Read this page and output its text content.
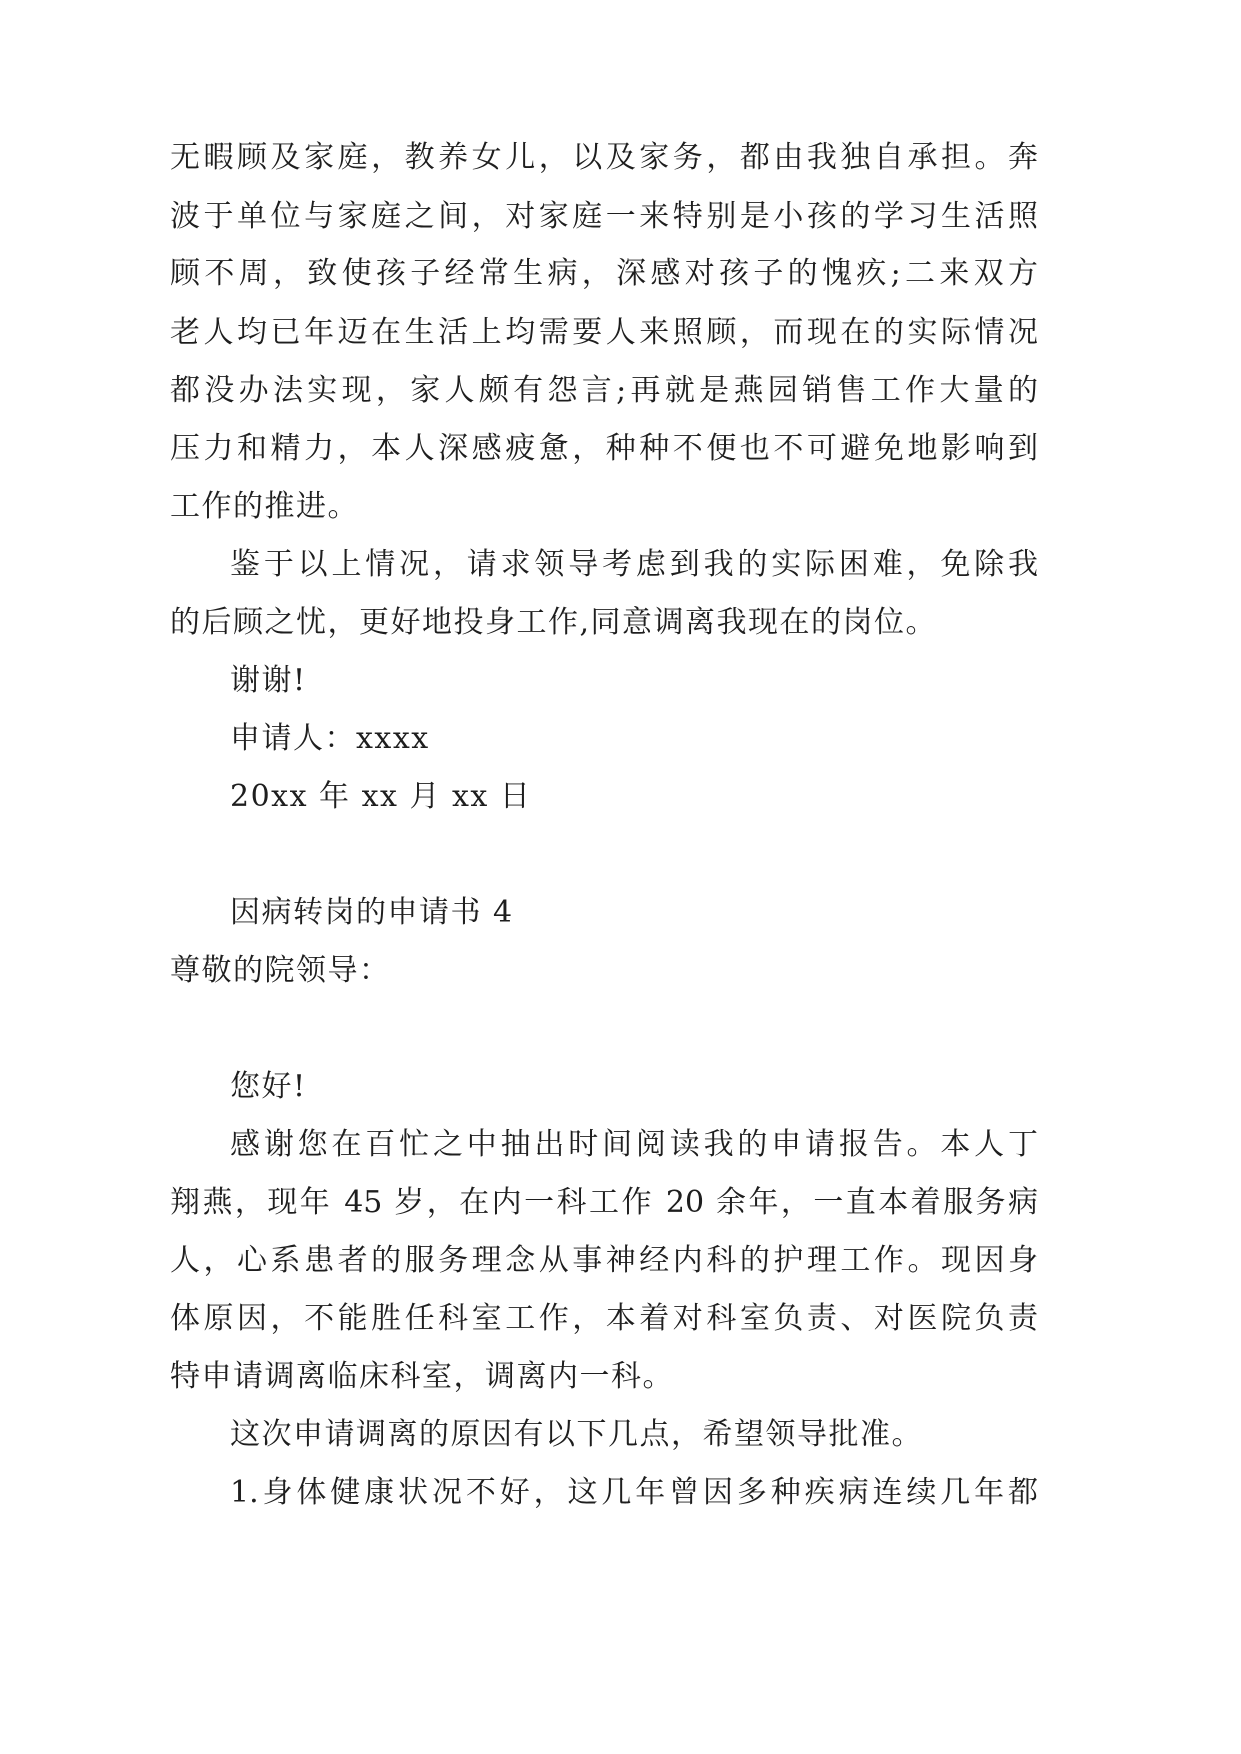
无暇顾及家庭，教养女儿，以及家务，都由我独自承担。奔
波于单位与家庭之间，对家庭一来特别是小孩的学习生活照
顾不周，致使孩子经常生病，深感对孩子的愧疚;二来双方
老人均已年迈在生活上均需要人来照顾，而现在的实际情况
都没办法实现，家人颇有怨言;再就是燕园销售工作大量的
压力和精力，本人深感疲惫，种种不便也不可避免地影响到
工作的推进。
鉴于以上情况，请求领导考虑到我的实际困难，免除我
的后顾之忧，更好地投身工作,同意调离我现在的岗位。
谢谢!
申请人：xxxx
20xx 年 xx 月 xx 日
因病转岗的申请书 4
尊敬的院领导：
您好!
感谢您在百忙之中抽出时间阅读我的申请报告。本人丁
翔燕，现年 45 岁，在内一科工作 20 余年，一直本着服务病
人，心系患者的服务理念从事神经内科的护理工作。现因身
体原因，不能胜任科室工作，本着对科室负责、对医院负责
特申请调离临床科室，调离内一科。
这次申请调离的原因有以下几点，希望领导批准。
1.身体健康状况不好，这几年曾因多种疾病连续几年都
